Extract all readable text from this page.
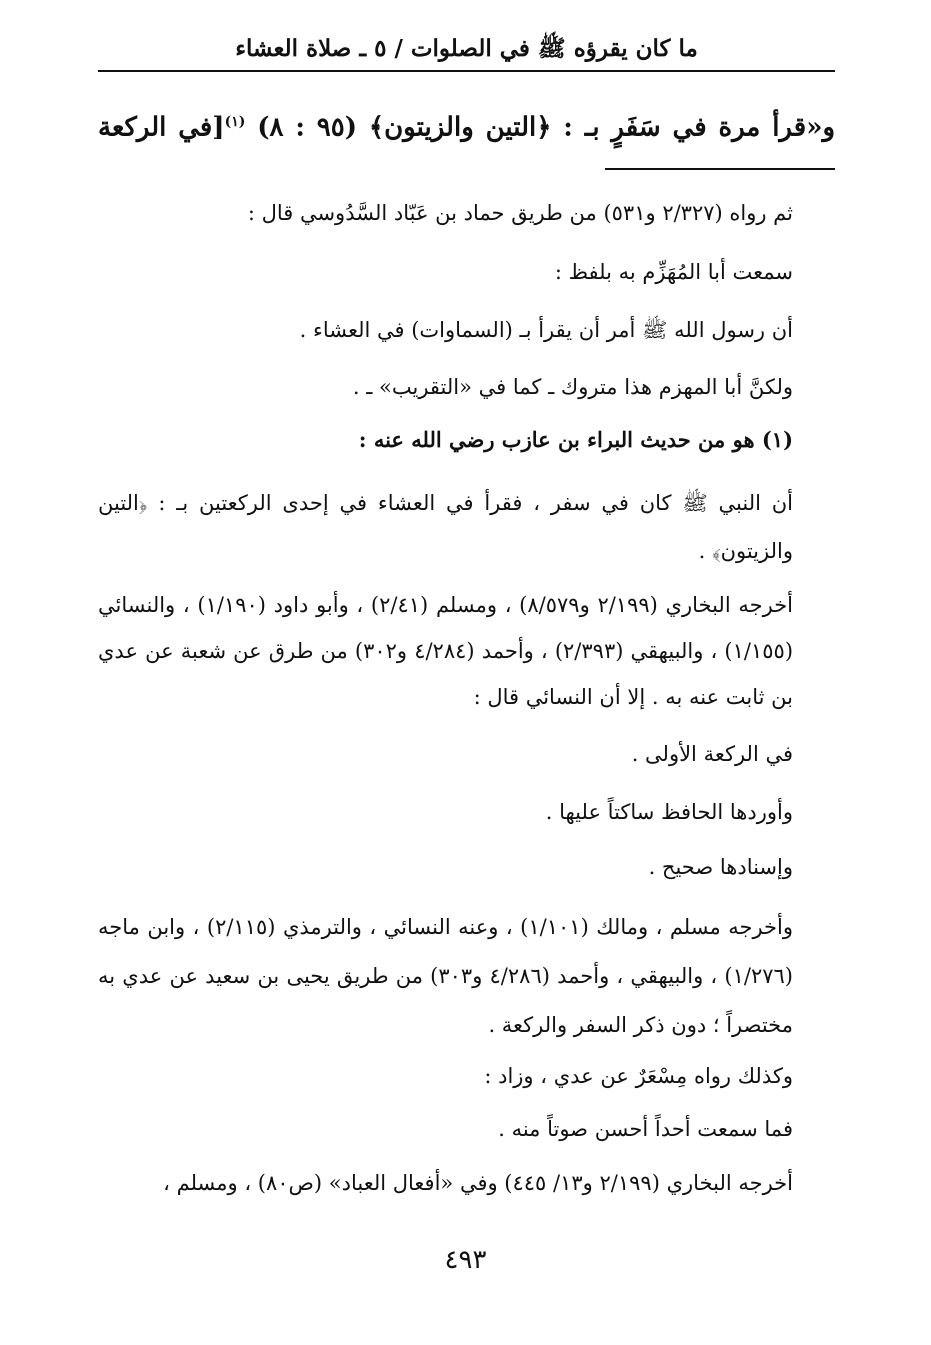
ما كان يقرؤه ﷺ في الصلوات / ٥ ـ صلاة العشاء
و«قرأ مرة في سَفَرٍ بـ : ﴿التين والزيتون﴾ (٩٥ : ٨) $^{(١)}$[في الركعة
ثم رواه (٢/٣٢٧ و٥٣١) من طريق حماد بن عَبّاد السَّدُوسي قال :
سمعت أبا المُهَزِّم به بلفظ :
أن رسول الله ﷺ أمر أن يقرأ بـ (السماوات) في العشاء .
ولكنَّ أبا المهزم هذا متروك ـ كما في «التقريب» ـ .
(١) هو من حديث البراء بن عازب رضي الله عنه :
أن النبي ﷺ كان في سفر ، فقرأ في العشاء في إحدى الركعتين بـ : ﴿التين والزيتون﴾ .
أخرجه البخاري (٢/١٩٩ و٨/٥٧٩) ، ومسلم (٢/٤١) ، وأبو داود (١/١٩٠) ، والنسائي (١/١٥٥) ، والبيهقي (٢/٣٩٣) ، وأحمد (٤/٢٨٤ و٣٠٢) من طرق عن شعبة عن عدي بن ثابت عنه به . إلا أن النسائي قال :
في الركعة الأولى .
وأوردها الحافظ ساكتاً عليها .
وإسنادها صحيح .
وأخرجه مسلم ، ومالك (١/١٠١) ، وعنه النسائي ، والترمذي (٢/١١٥) ، وابن ماجه (١/٢٧٦) ، والبيهقي ، وأحمد (٤/٢٨٦ و٣٠٣) من طريق يحيى بن سعيد عن عدي به مختصراً ؛ دون ذكر السفر والركعة .
وكذلك رواه مِسْعَرٌ عن عدي ، وزاد :
فما سمعت أحداً أحسن صوتاً منه .
أخرجه البخاري (٢/١٩٩ و١٣/ ٤٤٥) وفي «أفعال العباد» (ص٨٠) ، ومسلم ،
٤٩٣
